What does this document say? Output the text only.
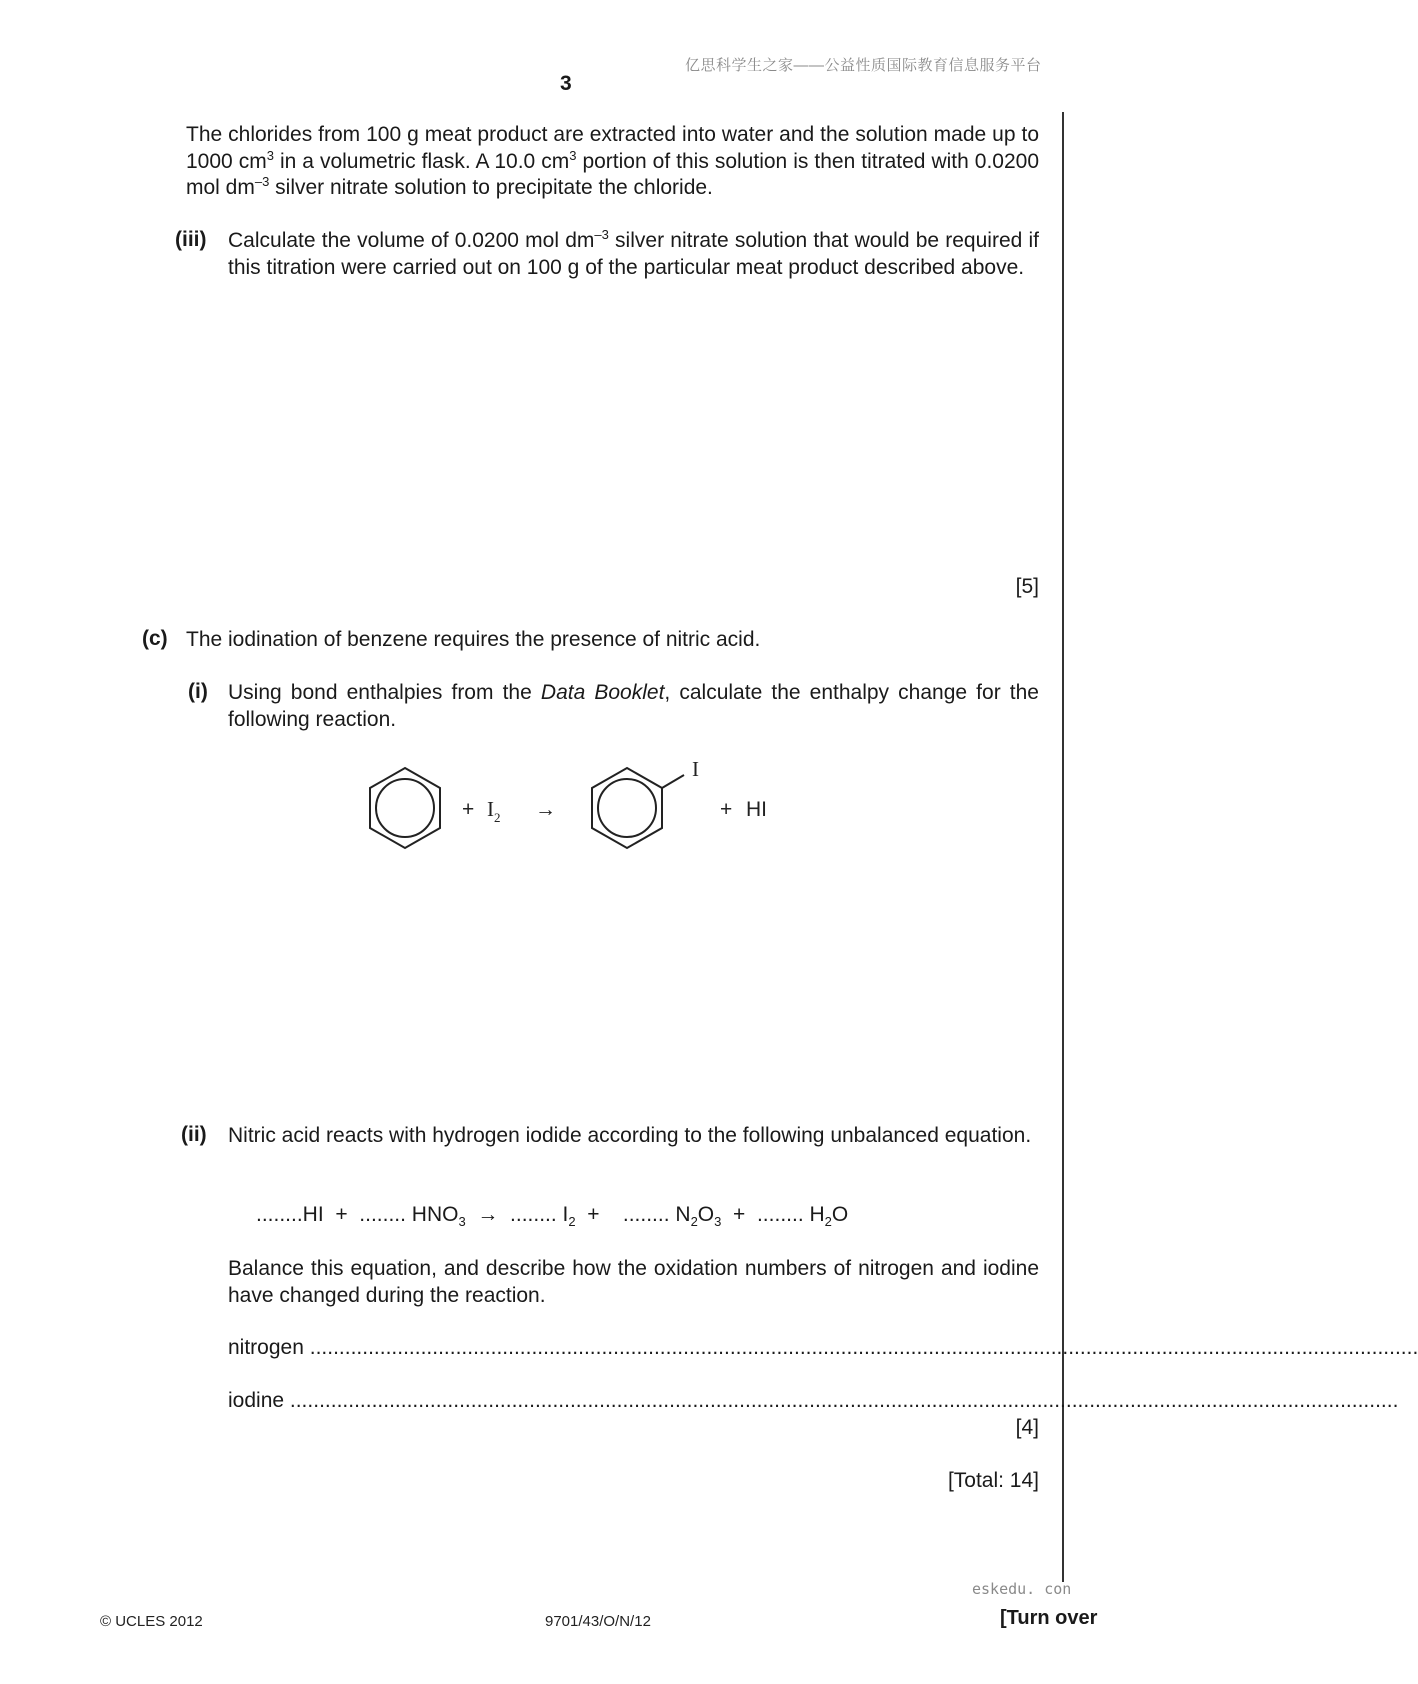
亿思科学生之家——公益性质国际教育信息服务平台
3
The chlorides from 100 g meat product are extracted into water and the solution made up to 1000 $cm^3$ in a volumetric flask. A 10.0 $cm^3$ portion of this solution is then titrated with 0.0200 mol $dm^{-3}$ silver nitrate solution to precipitate the chloride.
(iii) Calculate the volume of 0.0200 mol $dm^{-3}$ silver nitrate solution that would be required if this titration were carried out on 100 g of the particular meat product described above.
[5]
(c) The iodination of benzene requires the presence of nitric acid.
(i) Using bond enthalpies from the Data Booklet, calculate the enthalpy change for the following reaction.
+ $I_2$ →
I
+ HI
(ii) Nitric acid reacts with hydrogen iodide according to the following unbalanced equation.
........HI  +  ........ $HNO_3$  →  ........ $I_2$  +    ........ $N_2O_3$  +  ........ $H_2O$
Balance this equation, and describe how the oxidation numbers of nitrogen and iodine have changed during the reaction.
nitrogen ..............................................................................................................................................................................................
iodine ..............................................................................................................................................................................................
[4]
[Total: 14]
eskedu. con
© UCLES 2012	9701/43/O/N/12	[Turn over
